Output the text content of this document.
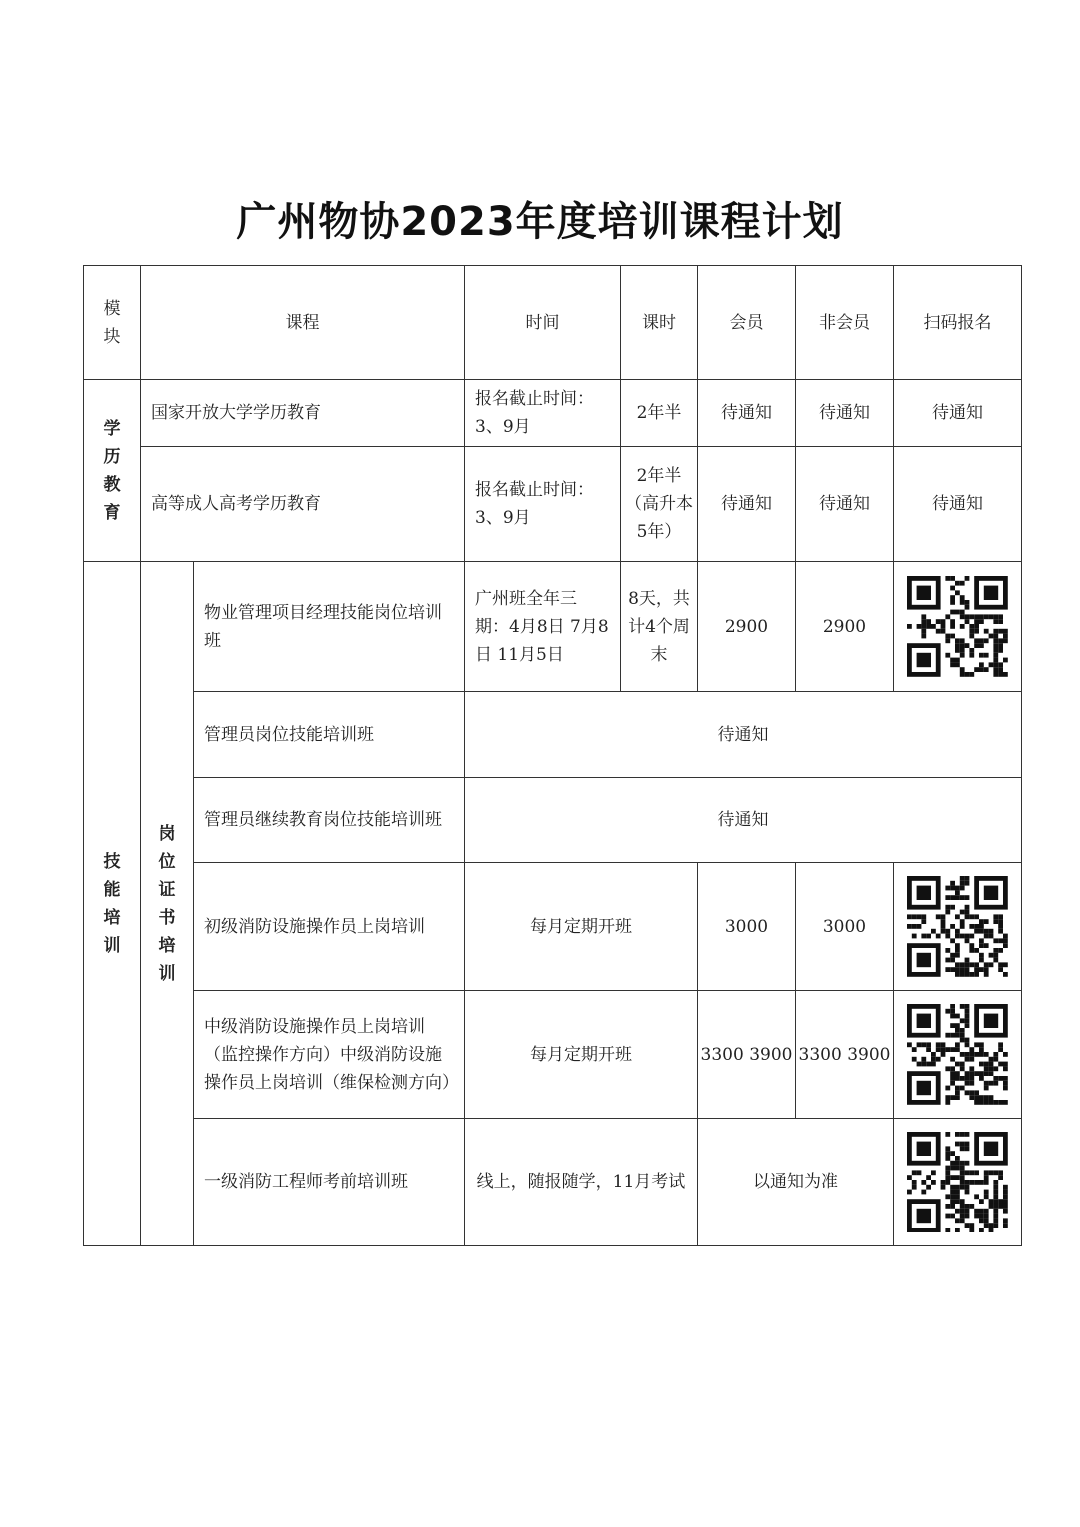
广州物协2023年度培训课程计划
模块	课程		时间	课时	会员	非会员	扫码报名

学历教育	国家开放大学学历教育		报名截止时间：3、9月	2年半	待通知	待通知	待通知
	高等成人高考学历教育		报名截止时间：3、9月	2年半（高升本5年）	待通知	待通知	待通知

技能培训	岗位证书培训	物业管理项目经理技能岗位培训班	广州班全年三期：4月8日 7月8日 11月5日	8天，共计4个周末	2900	2900	

		管理员岗位技能培训班	待通知				
		管理员继续教育岗位技能培训班	待通知				
		初级消防设施操作员上岗培训	每月定期开班		3000	3000	

		中级消防设施操作员上岗培训（监控操作方向）中级消防设施操作员上岗培训（维保检测方向）	每月定期开班		3300 3900	3300 3900	

		一级消防工程师考前培训班	线上，随报随学，11月考试		以通知为准	
